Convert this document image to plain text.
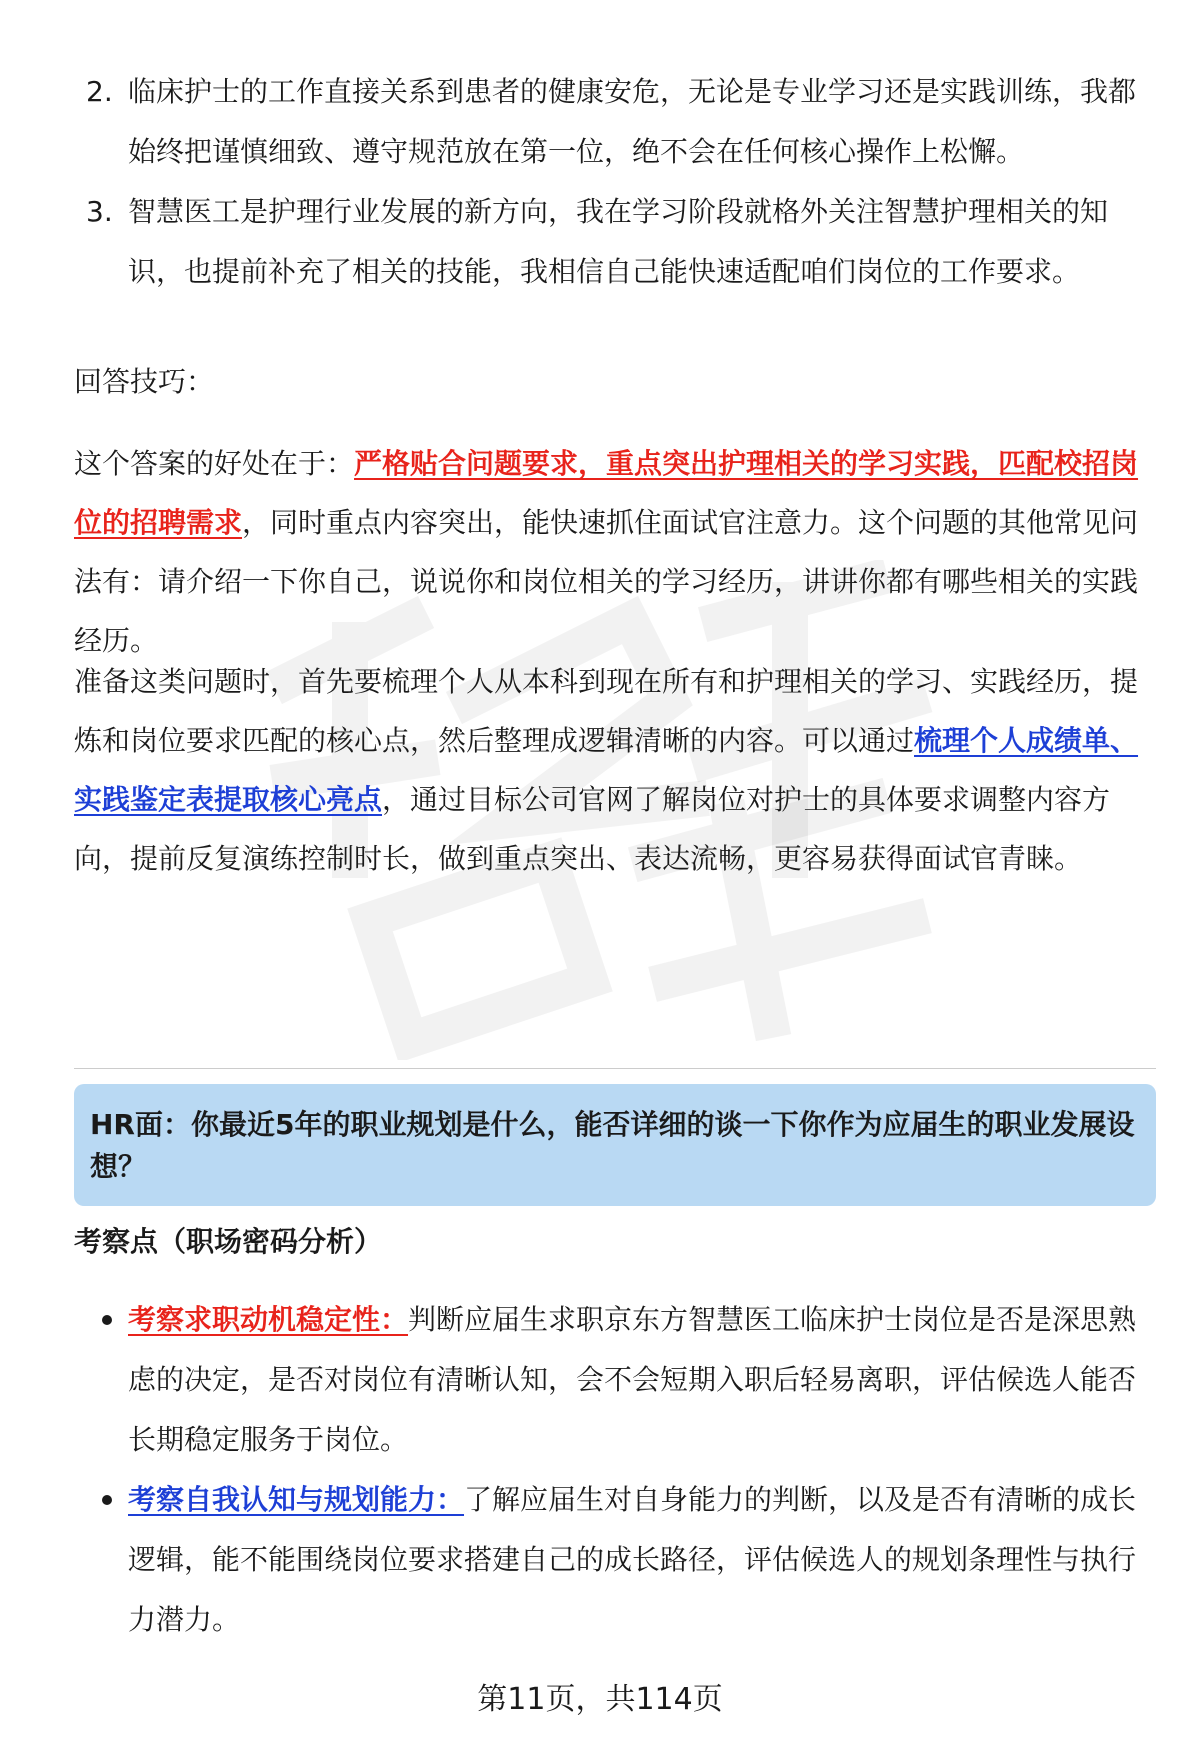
2. 临床护士的工作直接关系到患者的健康安危，无论是专业学习还是实践训练，我都始终把谨慎细致、遵守规范放在第一位，绝不会在任何核心操作上松懈。
3. 智慧医工是护理行业发展的新方向，我在学习阶段就格外关注智慧护理相关的知识，也提前补充了相关的技能，我相信自己能快速适配咱们岗位的工作要求。
回答技巧：
这个答案的好处在于：严格贴合问题要求，重点突出护理相关的学习实践，匹配校招岗位的招聘需求，同时重点内容突出，能快速抓住面试官注意力。这个问题的其他常见问法有：请介绍一下你自己，说说你和岗位相关的学习经历，讲讲你都有哪些相关的实践经历。
准备这类问题时，首先要梳理个人从本科到现在所有和护理相关的学习、实践经历，提炼和岗位要求匹配的核心点，然后整理成逻辑清晰的内容。可以通过梳理个人成绩单、实践鉴定表提取核心亮点，通过目标公司官网了解岗位对护士的具体要求调整内容方向，提前反复演练控制时长，做到重点突出、表达流畅，更容易获得面试官青睐。
HR面：你最近5年的职业规划是什么，能否详细的谈一下你作为应届生的职业发展设想？
考察点（职场密码分析）
考察求职动机稳定性：判断应届生求职京东方智慧医工临床护士岗位是否是深思熟虑的决定，是否对岗位有清晰认知，会不会短期入职后轻易离职，评估候选人能否长期稳定服务于岗位。
考察自我认知与规划能力：了解应届生对自身能力的判断，以及是否有清晰的成长逻辑，能不能围绕岗位要求搭建自己的成长路径，评估候选人的规划条理性与执行力潜力。
第11页，共114页
